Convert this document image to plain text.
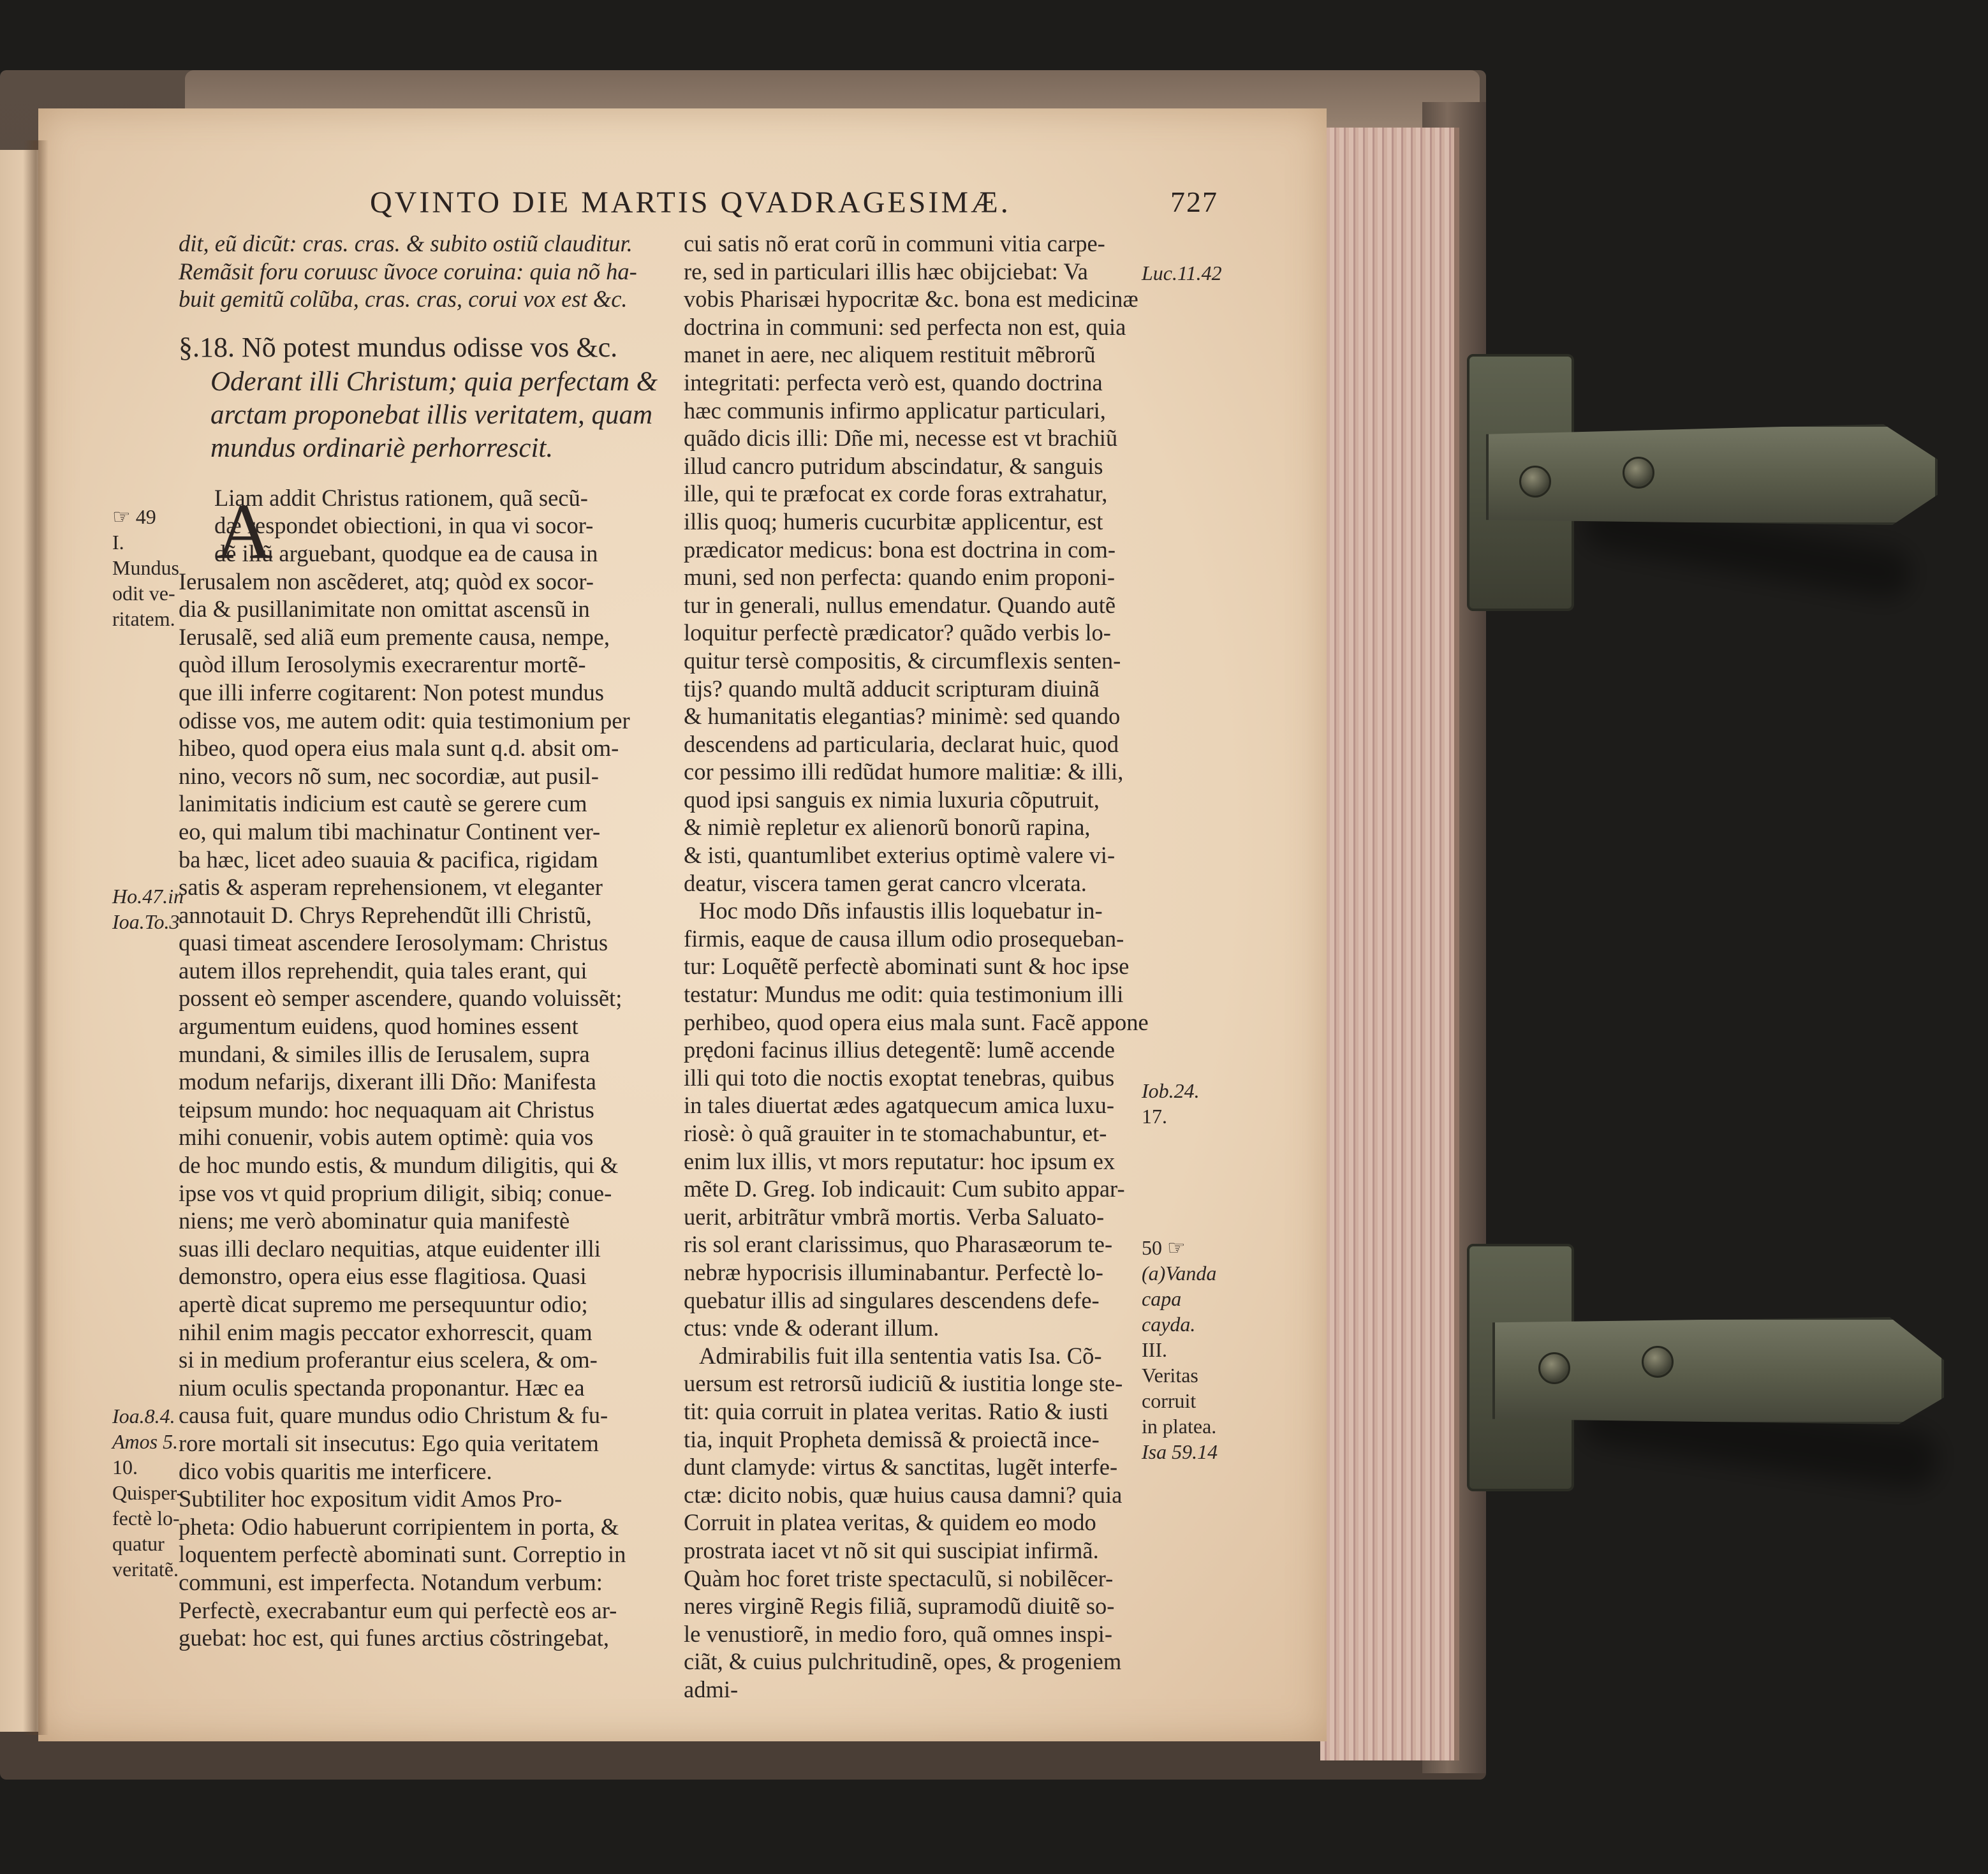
QVINTO DIE MARTIS QVADRAGESIMÆ.	727
dit, eũ dicũt: cras. cras. & subito ostiũ clauditur.
Remãsit foru coruusc ũvoce coruina: quia nõ ha-
buit gemitũ colũba, cras. cras, corui vox est &c.
§.18. Nõ potest mundus odisse vos &c.
Oderant illi Christum; quia perfectam &
arctam proponebat illis veritatem, quam
mundus ordinariè perhorrescit.
Liam addit Christus rationem, quã secũ-
dæ respondet obiectioni, in qua vi socor-
dẽ illũ arguebant, quodque ea de causa in
Ierusalem non ascẽderet, atq; quòd ex socor-
dia & pusillanimitate non omittat ascensũ in
Ierusalẽ, sed aliã eum premente causa, nempe,
quòd illum Ierosolymis execrarentur mortẽ-
que illi inferre cogitarent: Non potest mundus
odisse vos, me autem odit: quia testimonium per
hibeo, quod opera eius mala sunt q.d. absit om-
nino, vecors nõ sum, nec socordiæ, aut pusil-
lanimitatis indicium est cautè se gerere cum
eo, qui malum tibi machinatur Continent ver-
ba hæc, licet adeo suauia & pacifica, rigidam
satis & asperam reprehensionem, vt eleganter
annotauit D. Chrys Reprehendũt illi Christũ,
quasi timeat ascendere Ierosolymam: Christus
autem illos reprehendit, quia tales erant, qui
possent eò semper ascendere, quando voluissẽt;
argumentum euidens, quod homines essent
mundani, & similes illis de Ierusalem, supra
modum nefarijs, dixerant illi Dño: Manifesta
teipsum mundo: hoc nequaquam ait Christus
mihi conuenir, vobis autem optimè: quia vos
de hoc mundo estis, & mundum diligitis, qui &
ipse vos vt quid proprium diligit, sibiq; conue-
niens; me verò abominatur quia manifestè
suas illi declaro nequitias, atque euidenter illi
demonstro, opera eius esse flagitiosa. Quasi
apertè dicat supremo me persequuntur odio;
nihil enim magis peccator exhorrescit, quam
si in medium proferantur eius scelera, & om-
nium oculis spectanda proponantur. Hæc ea
causa fuit, quare mundus odio Christum & fu-
rore mortali sit insecutus: Ego quia veritatem
dico vobis quaritis me interficere.
Subtiliter hoc expositum vidit Amos Pro-
pheta: Odio habuerunt corripientem in porta, &
loquentem perfectè abominati sunt. Correptio in
communi, est imperfecta. Notandum verbum:
Perfectè, execrabantur eum qui perfectè eos ar-
guebat: hoc est, qui funes arctius cõstringebat,
A
cui satis nõ erat corũ in communi vitia carpe-
re, sed in particulari illis hæc obijciebat: Va
vobis Pharisæi hypocritæ &c. bona est medicinæ
doctrina in communi: sed perfecta non est, quia
manet in aere, nec aliquem restituit mẽbrorũ
integritati: perfecta verò est, quando doctrina
hæc communis infirmo applicatur particulari,
quãdo dicis illi: Dñe mi, necesse est vt brachiũ
illud cancro putridum abscindatur, & sanguis
ille, qui te præfocat ex corde foras extrahatur,
illis quoq; humeris cucurbitæ applicentur, est
prædicator medicus: bona est doctrina in com-
muni, sed non perfecta: quando enim proponi-
tur in generali, nullus emendatur. Quando autẽ
loquitur perfectè prædicator? quãdo verbis lo-
quitur tersè compositis, & circumflexis senten-
tijs? quando multã adducit scripturam diuinã
& humanitatis elegantias? minimè: sed quando
descendens ad particularia, declarat huic, quod
cor pessimo illi redũdat humore malitiæ: & illi,
quod ipsi sanguis ex nimia luxuria cõputruit,
& nimiè repletur ex alienorũ bonorũ rapina,
& isti, quantumlibet exterius optimè valere vi-
deatur, viscera tamen gerat cancro vlcerata.
Hoc modo Dñs infaustis illis loquebatur in-
firmis, eaque de causa illum odio prosequeban-
tur: Loquẽtẽ perfectè abominati sunt & hoc ipse
testatur: Mundus me odit: quia testimonium illi
perhibeo, quod opera eius mala sunt. Facẽ appone
prędoni facinus illius detegentẽ: lumẽ accende
illi qui toto die noctis exoptat tenebras, quibus
in tales diuertat ædes agatquecum amica luxu-
riosè: ò quã grauiter in te stomachabuntur, et-
enim lux illis, vt mors reputatur: hoc ipsum ex
mẽte D. Greg. Iob indicauit: Cum subito appar-
uerit, arbitrãtur vmbrã mortis. Verba Saluato-
ris sol erant clarissimus, quo Pharasæorum te-
nebræ hypocrisis illuminabantur. Perfectè lo-
quebatur illis ad singulares descendens defe-
ctus: vnde & oderant illum.
Admirabilis fuit illa sententia vatis Isa. Cõ-
uersum est retrorsũ iudiciũ & iustitia longe ste-
tit: quia corruit in platea veritas. Ratio & iusti
tia, inquit Propheta demissã & proiectã ince-
dunt clamyde: virtus & sanctitas, lugẽt interfe-
ctæ: dicito nobis, quæ huius causa damni? quia
Corruit in platea veritas, & quidem eo modo
prostrata iacet vt nõ sit qui suscipiat infirmã.
Quàm hoc foret triste spectaculũ, si nobilẽcer-
neres virginẽ Regis filiã, supramodũ diuitẽ so-
le venustiorẽ, in medio foro, quã omnes inspi-
ciãt, & cuius pulchritudinẽ, opes, & progeniem
admi-
☞ 49
I.
Mundus
odit ve-
ritatem.
Ho.47.in
Ioa.To.3
Ioa.8.4.
Amos 5.
10.
Quisper-
fectè lo-
quatur
veritatẽ.
Luc.11.42
Iob.24.
17.
50 ☞
(a)Vanda
capa
cayda.
III.
Veritas
corruit
in platea.
Isa 59.14
